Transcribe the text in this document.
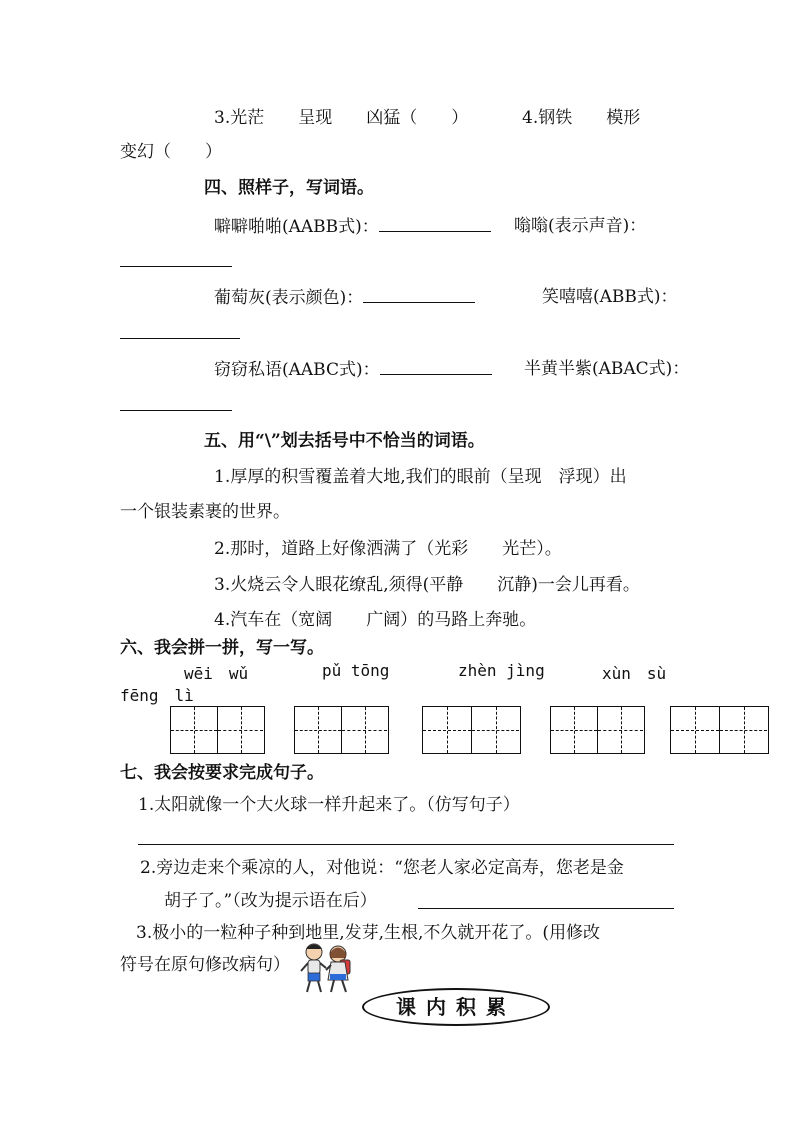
3.光茫　　呈现　　凶猛（　　）	4.钢铁　　模形
变幻（　　）
四、照样子，写词语。
噼噼啪啪(AABB式)：	嗡嗡(表示声音)：
葡萄灰(表示颜色)：	笑嘻嘻(ABB式)：
窃窃私语(AABC式)：	半黄半紫(ABAC式)：
五、用“\”划去括号中不恰当的词语。
1.厚厚的积雪覆盖着大地,我们的眼前（呈现　浮现）出
一个银装素裹的世界。
2.那时，道路上好像洒满了（光彩　　光芒）。
3.火烧云令人眼花缭乱,须得(平静　　沉静)一会儿再看。
4.汽车在（宽阔　　广阔）的马路上奔驰。
六、我会拼一拼，写一写。
wēi　wǔ	pǔ tōng	zhèn jìng	xùn　sù
fēng　lì
七、我会按要求完成句子。
1.太阳就像一个大火球一样升起来了。（仿写句子）
2.旁边走来个乘凉的人，对他说：“您老人家必定高寿，您老是金
胡子了。”（改为提示语在后）
3.极小的一粒种子种到地里,发芽,生根,不久就开花了。(用修改
符号在原句修改病句）
课内积累
